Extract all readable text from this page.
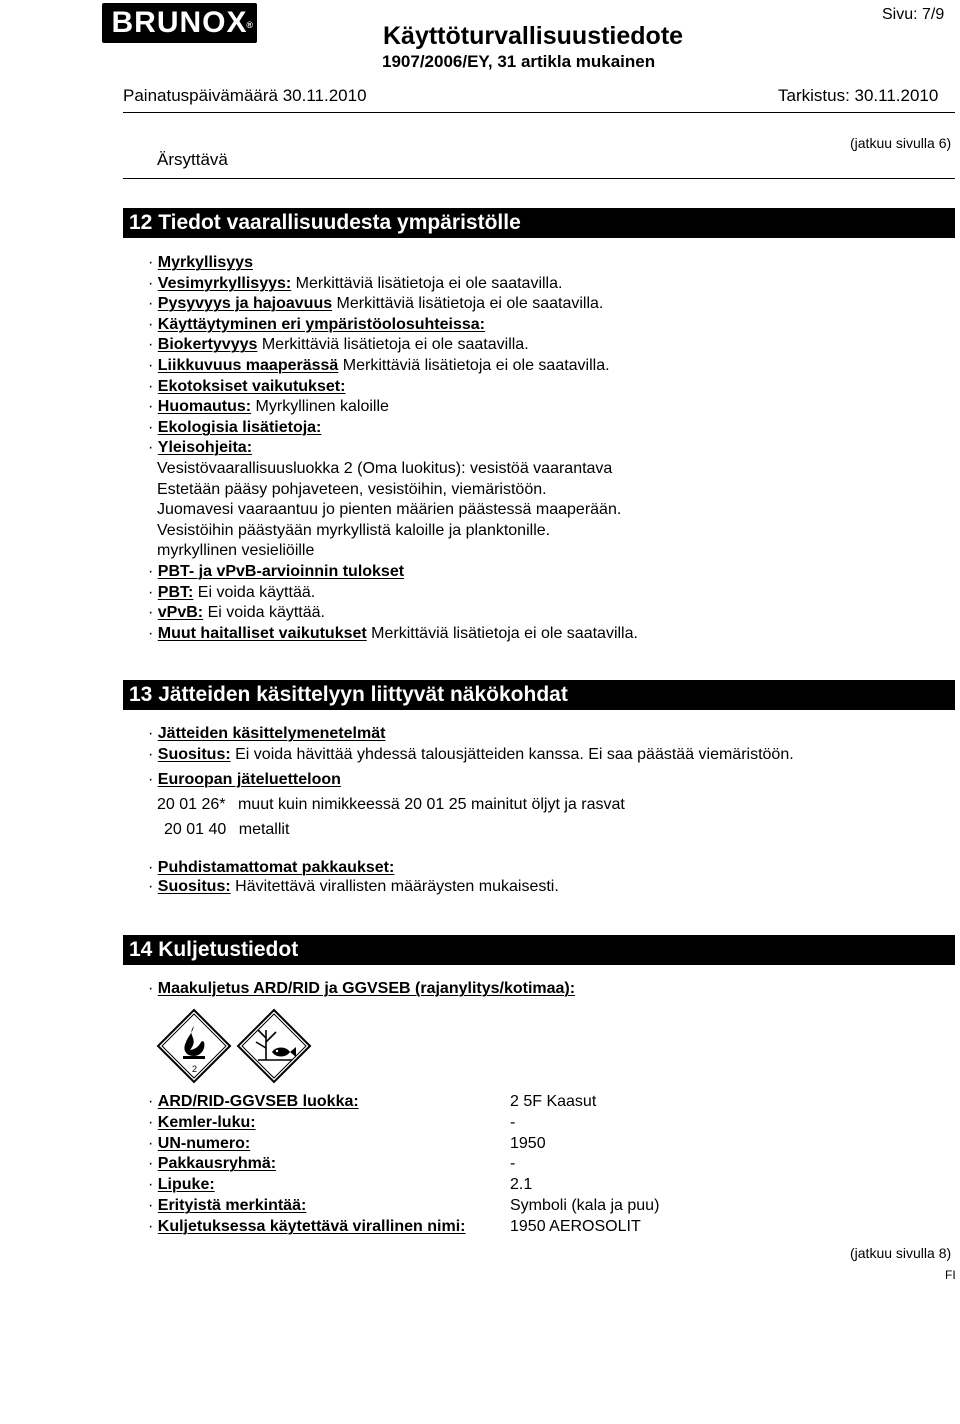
BRUNOX
®	Käyttöturvallisuustiedote
1907/2006/EY, 31 artikla mukainen
Sivu: 7/9
Painatuspäivämäärä 30.11.2010	Tarkistus: 30.11.2010
Ärsyttävä
(jatkuu sivulla 6)
12 Tiedot vaarallisuudesta ympäristölle
· Myrkyllisyys
· Vesimyrkyllisyys: Merkittäviä lisätietoja ei ole saatavilla.
· Pysyvyys ja hajoavuus Merkittäviä lisätietoja ei ole saatavilla.
· Käyttäytyminen eri ympäristöolosuhteissa:
· Biokertyvyys Merkittäviä lisätietoja ei ole saatavilla.
· Liikkuvuus maaperässä Merkittäviä lisätietoja ei ole saatavilla.
· Ekotoksiset vaikutukset:
· Huomautus: Myrkyllinen kaloille
· Ekologisia lisätietoja:
· Yleisohjeita:
Vesistövaarallisuusluokka 2 (Oma luokitus): vesistöä vaarantava
Estetään pääsy pohjaveteen, vesistöihin, viemäristöön.
Juomavesi vaaraantuu jo pienten määrien päästessä maaperään.
Vesistöihin päästyään myrkyllistä kaloille ja planktonille.
myrkyllinen vesieliöille
· PBT- ja vPvB-arvioinnin tulokset
· PBT: Ei voida käyttää.
· vPvB: Ei voida käyttää.
· Muut haitalliset vaikutukset Merkittäviä lisätietoja ei ole saatavilla.
13 Jätteiden käsittelyyn liittyvät näkökohdat
· Jätteiden käsittelymenetelmät
· Suositus: Ei voida hävittää yhdessä talousjätteiden kanssa. Ei saa päästää viemäristöön.
· Euroopan jäteluetteloon
20 01 26* muut kuin nimikkeessä 20 01 25 mainitut öljyt ja rasvat
20 01 40 metallit
· Puhdistamattomat pakkaukset:
· Suositus: Hävitettävä virallisten määräysten mukaisesti.
14 Kuljetustiedot
· Maakuljetus ARD/RID ja GGVSEB (rajanylitys/kotimaa):
2
· ARD/RID-GGVSEB luokka:	2 5F Kaasut
· Kemler-luku:	-
· UN-numero:	1950
· Pakkausryhmä:	-
· Lipuke:	2.1
· Erityistä merkintää:	Symboli (kala ja puu)
· Kuljetuksessa käytettävä virallinen nimi:	1950 AEROSOLIT
(jatkuu sivulla 8)
FI
